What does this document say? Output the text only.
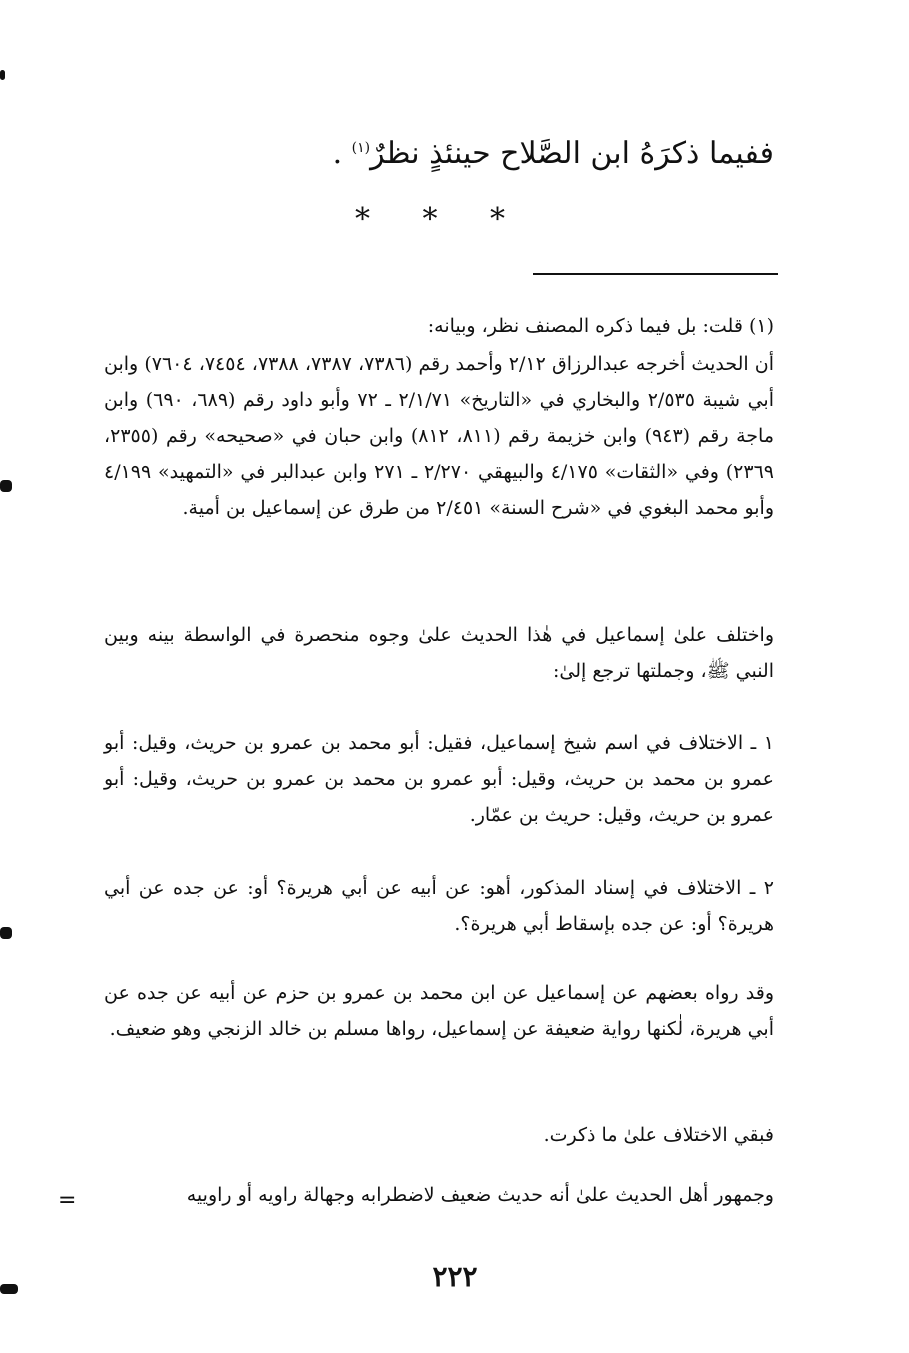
ففيما ذكرَهُ ابن الصَّلاح حينئذٍ نظرٌ$^{(١)}$ .
* * *
(١) قلت: بل فيما ذكره المصنف نظر، وبيانه:
أن الحديث أخرجه عبدالرزاق ٢/١٢ وأحمد رقم (٧٣٨٦، ٧٣٨٧، ٧٣٨٨، ٧٤٥٤، ٧٦٠٤) وابن أبي شيبة ٢/٥٣٥ والبخاري في «التاريخ» ٢/١/٧١ ـ ٧٢ وأبو داود رقم (٦٨٩، ٦٩٠) وابن ماجة رقم (٩٤٣) وابن خزيمة رقم (٨١١، ٨١٢) وابن حبان في «صحيحه» رقم (٢٣٥٥، ٢٣٦٩) وفي «الثقات» ٤/١٧٥ والبيهقي ٢/٢٧٠ ـ ٢٧١ وابن عبدالبر في «التمهيد» ٤/١٩٩ وأبو محمد البغوي في «شرح السنة» ٢/٤٥١ من طرق عن إسماعيل بن أمية.
واختلف علىٰ إسماعيل في هٰذا الحديث علىٰ وجوه منحصرة في الواسطة بينه وبين النبي ﷺ، وجملتها ترجع إلىٰ:
١ ـ الاختلاف في اسم شيخ إسماعيل، فقيل: أبو محمد بن عمرو بن حريث، وقيل: أبو عمرو بن محمد بن حريث، وقيل: أبو عمرو بن محمد بن عمرو بن حريث، وقيل: أبو عمرو بن حريث، وقيل: حريث بن عمّار.
٢ ـ الاختلاف في إسناد المذكور، أهو: عن أبيه عن أبي هريرة؟ أو: عن جده عن أبي هريرة؟ أو: عن جده بإسقاط أبي هريرة؟.
وقد رواه بعضهم عن إسماعيل عن ابن محمد بن عمرو بن حزم عن أبيه عن جده عن أبي هريرة، لٰكنها رواية ضعيفة عن إسماعيل، رواها مسلم بن خالد الزنجي وهو ضعيف.
فبقي الاختلاف علىٰ ما ذكرت.
وجمهور أهل الحديث علىٰ أنه حديث ضعيف لاضطرابه وجهالة راويه أو راوييه
=
٢٢٢
